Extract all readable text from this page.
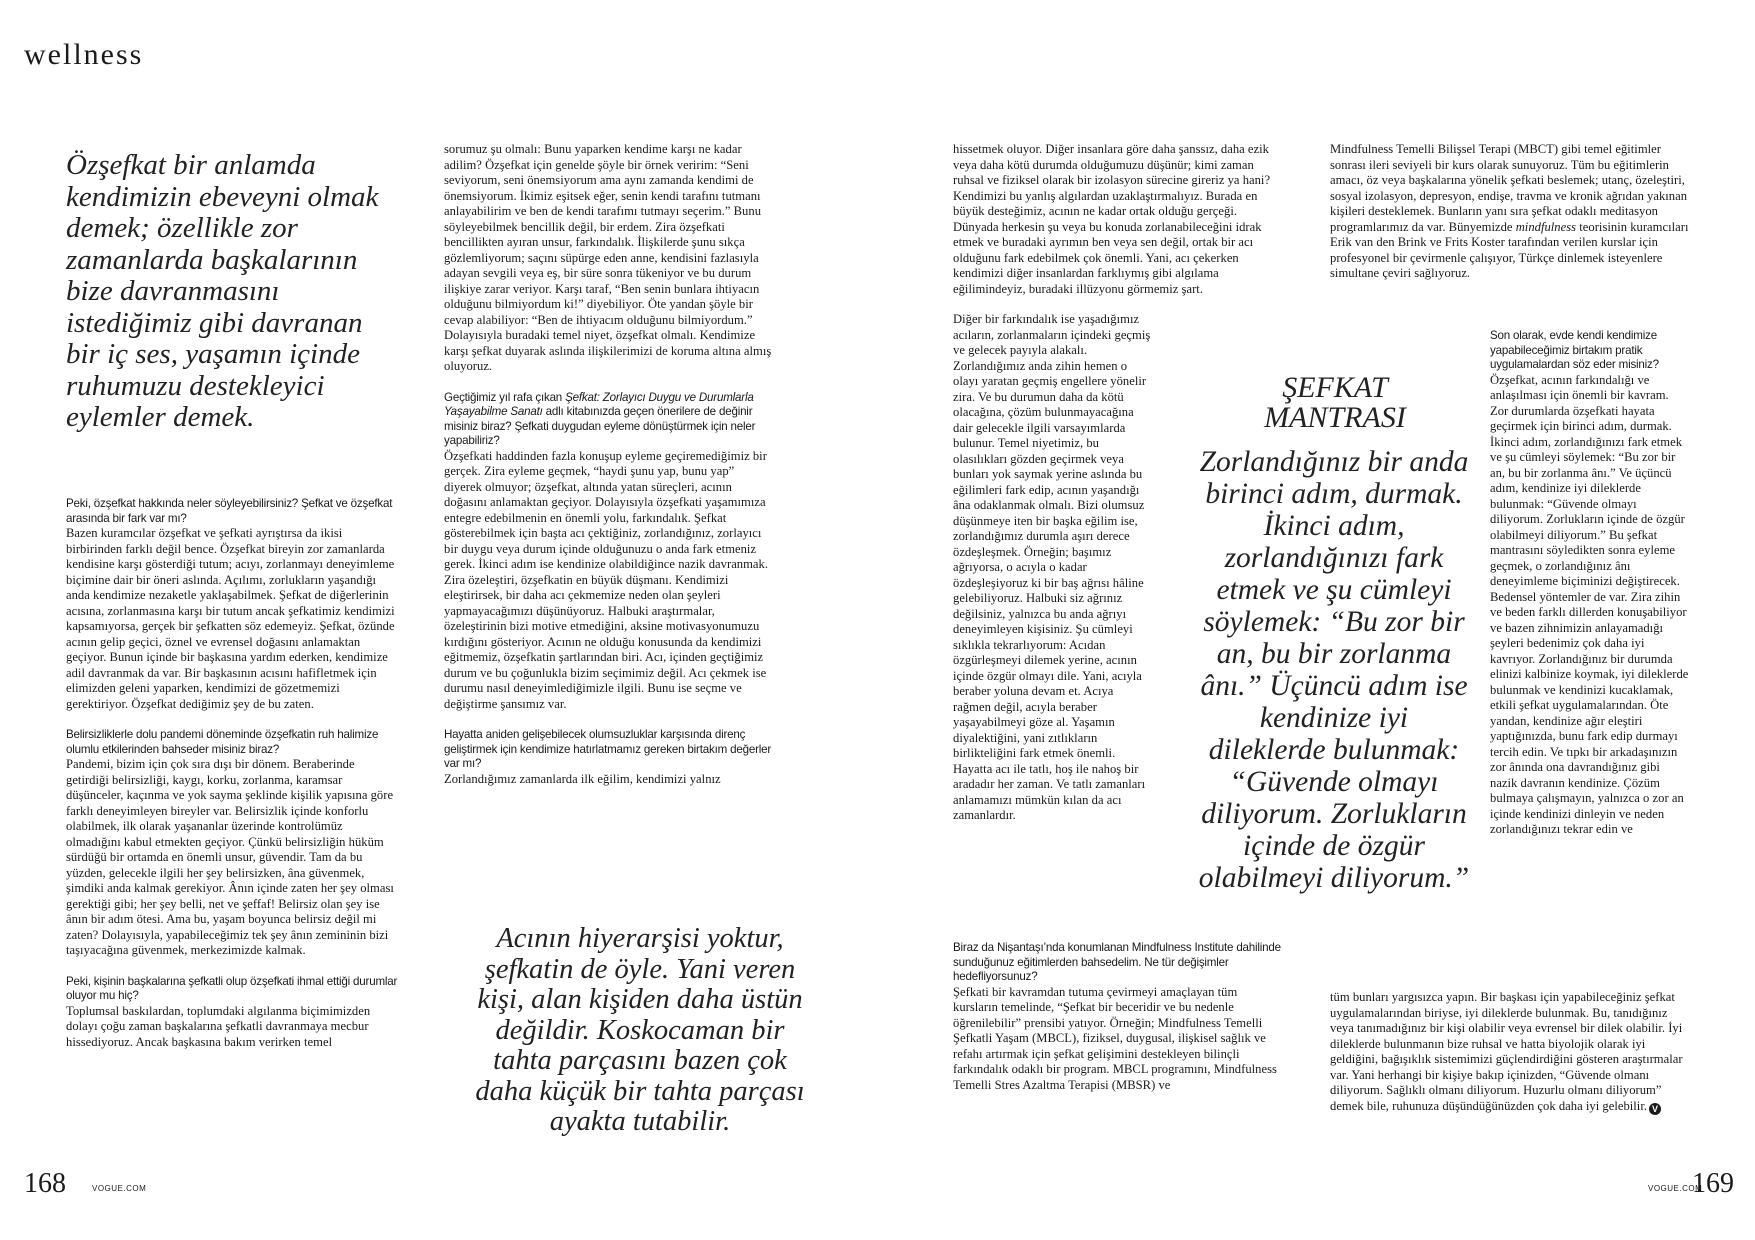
wellness
Özşefkat bir anlamda kendimizin ebeveyni olmak demek; özellikle zor zamanlarda başkalarının bize davranmasını istediğimiz gibi davranan bir iç ses, yaşamın içinde ruhumuzu destekleyici eylemler demek.
Peki, özşefkat hakkında neler söyleyebilirsiniz? Şefkat ve özşefkat arasında bir fark var mı?
Bazen kuramcılar özşefkat ve şefkati ayrıştırsa da ikisi birbirinden farklı değil bence. Özşefkat bireyin zor zamanlarda kendisine karşı gösterdiği tutum; acıyı, zorlanmayı deneyimleme biçimine dair bir öneri aslında. Açılımı, zorlukların yaşandığı anda kendimize nezaketle yaklaşabilmek. Şefkat de diğerlerinin acısına, zorlanmasına karşı bir tutum ancak şefkatimiz kendimizi kapsamıyorsa, gerçek bir şefkatten söz edemeyiz. Şefkat, özünde acının gelip geçici, öznel ve evrensel doğasını anlamaktan geçiyor. Bunun içinde bir başkasına yardım ederken, kendimize adil davranmak da var. Bir başkasının acısını hafifletmek için elimizden geleni yaparken, kendimizi de gözetmemizi gerektiriyor. Özşefkat dediğimiz şey de bu zaten.
Belirsizliklerle dolu pandemi döneminde özşefkatin ruh halimize olumlu etkilerinden bahseder misiniz biraz?
Pandemi, bizim için çok sıra dışı bir dönem. Beraberinde getirdiği belirsizliği, kaygı, korku, zorlanma, karamsar düşünceler, kaçınma ve yok sayma şeklinde kişilik yapısına göre farklı deneyimleyen bireyler var. Belirsizlik içinde konforlu olabilmek, ilk olarak yaşananlar üzerinde kontrolümüz olmadığını kabul etmekten geçiyor. Çünkü belirsizliğin hüküm sürdüğü bir ortamda en önemli unsur, güvendir. Tam da bu yüzden, gelecekle ilgili her şey belirsizken, âna güvenmek, şimdiki anda kalmak gerekiyor. Ânın içinde zaten her şey olması gerektiği gibi; her şey belli, net ve şeffaf! Belirsiz olan şey ise ânın bir adım ötesi. Ama bu, yaşam boyunca belirsiz değil mi zaten? Dolayısıyla, yapabileceğimiz tek şey ânın zemininin bizi taşıyacağına güvenmek, merkezimizde kalmak.
Peki, kişinin başkalarına şefkatli olup özşefkati ihmal ettiği durumlar oluyor mu hiç?
Toplumsal baskılardan, toplumdaki algılanma biçimimizden dolayı çoğu zaman başkalarına şefkatli davranmaya mecbur hissediyoruz. Ancak başkasına bakım verirken temel
sorumuz şu olmalı: Bunu yaparken kendime karşı ne kadar adilim? Özşefkat için genelde şöyle bir örnek veririm: “Seni seviyorum, seni önemsiyorum ama aynı zamanda kendimi de önemsiyorum. İkimiz eşitsek eğer, senin kendi tarafını tutmanı anlayabilirim ve ben de kendi tarafımı tutmayı seçerim.” Bunu söyleyebilmek bencillik değil, bir erdem. Zira özşefkati bencillikten ayıran unsur, farkındalık. İlişkilerde şunu sıkça gözlemliyorum; saçını süpürge eden anne, kendisini fazlasıyla adayan sevgili veya eş, bir süre sonra tükeniyor ve bu durum ilişkiye zarar veriyor. Karşı taraf, “Ben senin bunlara ihtiyacın olduğunu bilmiyordum ki!” diyebiliyor. Öte yandan şöyle bir cevap alabiliyor: “Ben de ihtiyacım olduğunu bilmiyordum.” Dolayısıyla buradaki temel niyet, özşefkat olmalı. Kendimize karşı şefkat duyarak aslında ilişkilerimizi de koruma altına almış oluyoruz.
Geçtiğimiz yıl rafa çıkan Şefkat: Zorlayıcı Duygu ve Durumlarla Yaşayabilme Sanatı adlı kitabınızda geçen önerilere de değinir misiniz biraz? Şefkati duygudan eyleme dönüştürmek için neler yapabiliriz?
Özşefkati haddinden fazla konuşup eyleme geçiremediğimiz bir gerçek. Zira eyleme geçmek, “haydi şunu yap, bunu yap” diyerek olmuyor; özşefkat, altında yatan süreçleri, acının doğasını anlamaktan geçiyor. Dolayısıyla özşefkati yaşamımıza entegre edebilmenin en önemli yolu, farkındalık. Şefkat gösterebilmek için başta acı çektiğiniz, zorlandığınız, zorlayıcı bir duygu veya durum içinde olduğunuzu o anda fark etmeniz gerek. İkinci adım ise kendinize olabildiğince nazik davranmak. Zira özeleştiri, özşefkatin en büyük düşmanı. Kendimizi eleştirirsek, bir daha acı çekmemize neden olan şeyleri yapmayacağımızı düşünüyoruz. Halbuki araştırmalar, özeleştirinin bizi motive etmediğini, aksine motivasyonumuzu kırdığını gösteriyor. Acının ne olduğu konusunda da kendimizi eğitmemiz, özşefkatin şartlarından biri. Acı, içinden geçtiğimiz durum ve bu çoğunlukla bizim seçimimiz değil. Acı çekmek ise durumu nasıl deneyimlediğimizle ilgili. Bunu ise seçme ve değiştirme şansımız var.
Hayatta aniden gelişebilecek olumsuzluklar karşısında direnç geliştirmek için kendimize hatırlatmamız gereken birtakım değerler var mı?
Zorlandığımız zamanlarda ilk eğilim, kendimizi yalnız
Acının hiyerarşisi yoktur, şefkatin de öyle. Yani veren kişi, alan kişiden daha üstün değildir. Koskocaman bir tahta parçasını bazen çok daha küçük bir tahta parçası ayakta tutabilir.
168	VOGUE.COM
hissetmek oluyor. Diğer insanlara göre daha şanssız, daha ezik veya daha kötü durumda olduğumuzu düşünür; kimi zaman ruhsal ve fiziksel olarak bir izolasyon sürecine gireriz ya hani? Kendimizi bu yanlış algılardan uzaklaştırmalıyız. Burada en büyük desteğimiz, acının ne kadar ortak olduğu gerçeği. Dünyada herkesin şu veya bu konuda zorlanabileceğini idrak etmek ve buradaki ayrımın ben veya sen değil, ortak bir acı olduğunu fark edebilmek çok önemli. Yani, acı çekerken kendimizi diğer insanlardan farklıymış gibi algılama eğilimindeyiz, buradaki illüzyonu görmemiz şart.
Diğer bir farkındalık ise yaşadığımız acıların, zorlanmaların içindeki geçmiş ve gelecek payıyla alakalı. Zorlandığımız anda zihin hemen o olayı yaratan geçmiş engellere yönelir zira. Ve bu durumun daha da kötü olacağına, çözüm bulunmayacağına dair gelecekle ilgili varsayımlarda bulunur. Temel niyetimiz, bu olasılıkları gözden geçirmek veya bunları yok saymak yerine aslında bu eğilimleri fark edip, acının yaşandığı âna odaklanmak olmalı. Bizi olumsuz düşünmeye iten bir başka eğilim ise, zorlandığımız durumla aşırı derece özdeşleşmek. Örneğin; başımız ağrıyorsa, o acıyla o kadar özdeşleşiyoruz ki bir baş ağrısı hâline gelebiliyoruz. Halbuki siz ağrınız değilsiniz, yalnızca bu anda ağrıyı deneyimleyen kişisiniz. Şu cümleyi sıklıkla tekrarlıyorum: Acıdan özgürleşmeyi dilemek yerine, acının içinde özgür olmayı dile. Yani, acıyla beraber yoluna devam et. Acıya rağmen değil, acıyla beraber yaşayabilmeyi göze al. Yaşamın diyalektiğini, yani zıtlıkların birlikteliğini fark etmek önemli. Hayatta acı ile tatlı, hoş ile nahoş bir aradadır her zaman. Ve tatlı zamanları anlamamızı mümkün kılan da acı zamanlardır.
Biraz da Nişantaşı’nda konumlanan Mindfulness Institute dahilinde sunduğunuz eğitimlerden bahsedelim. Ne tür değişimler hedefliyorsunuz?
Şefkati bir kavramdan tutuma çevirmeyi amaçlayan tüm kursların temelinde, “Şefkat bir beceridir ve bu nedenle öğrenilebilir” prensibi yatıyor. Örneğin; Mindfulness Temelli Şefkatli Yaşam (MBCL), fiziksel, duygusal, ilişkisel sağlık ve refahı artırmak için şefkat gelişimini destekleyen bilinçli farkındalık odaklı bir program. MBCL programını, Mindfulness Temelli Stres Azaltma Terapisi (MBSR) ve
Mindfulness Temelli Bilişsel Terapi (MBCT) gibi temel eğitimler sonrası ileri seviyeli bir kurs olarak sunuyoruz. Tüm bu eğitimlerin amacı, öz veya başkalarına yönelik şefkati beslemek; utanç, özeleştiri, sosyal izolasyon, depresyon, endişe, travma ve kronik ağrıdan yakınan kişileri desteklemek. Bunların yanı sıra şefkat odaklı meditasyon programlarımız da var. Bünyemizde mindfulness teorisinin kuramcıları Erik van den Brink ve Frits Koster tarafından verilen kurslar için profesyonel bir çevirmenle çalışıyor, Türkçe dinlemek isteyenlere simultane çeviri sağlıyoruz.
Son olarak, evde kendi kendimize yapabileceğimiz birtakım pratik uygulamalardan söz eder misiniz?
Özşefkat, acının farkındalığı ve anlaşılması için önemli bir kavram. Zor durumlarda özşefkati hayata geçirmek için birinci adım, durmak. İkinci adım, zorlandığınızı fark etmek ve şu cümleyi söylemek: “Bu zor bir an, bu bir zorlanma ânı.” Ve üçüncü adım, kendinize iyi dileklerde bulunmak: “Güvende olmayı diliyorum. Zorlukların içinde de özgür olabilmeyi diliyorum.” Bu şefkat mantrasını söyledikten sonra eyleme geçmek, o zorlandığınız ânı deneyimleme biçiminizi değiştirecek. Bedensel yöntemler de var. Zira zihin ve beden farklı dillerden konuşabiliyor ve bazen zihnimizin anlayamadığı şeyleri bedenimiz çok daha iyi kavrıyor. Zorlandığınız bir durumda elinizi kalbinize koymak, iyi dileklerde bulunmak ve kendinizi kucaklamak, etkili şefkat uygulamalarından. Öte yandan, kendinize ağır eleştiri yaptığınızda, bunu fark edip durmayı tercih edin. Ve tıpkı bir arkadaşınızın zor ânında ona davrandığınız gibi nazik davranın kendinize. Çözüm bulmaya çalışmayın, yalnızca o zor an içinde kendinizi dinleyin ve neden zorlandığınızı tekrar edin ve
tüm bunları yargısızca yapın. Bir başkası için yapabileceğiniz şefkat uygulamalarından biriyse, iyi dileklerde bulunmak. Bu, tanıdığınız veya tanımadığınız bir kişi olabilir veya evrensel bir dilek olabilir. İyi dileklerde bulunmanın bize ruhsal ve hatta biyolojik olarak iyi geldiğini, bağışıklık sistemimizi güçlendirdiğini gösteren araştırmalar var. Yani herhangi bir kişiye bakıp içinizden, “Güvende olmanı diliyorum. Sağlıklı olmanı diliyorum. Huzurlu olmanı diliyorum” demek bile, ruhunuza düşündüğünüzden çok daha iyi gelebilir. V
ŞEFKAT MANTRASI
Zorlandığınız bir anda birinci adım, durmak. İkinci adım, zorlandığınızı fark etmek ve şu cümleyi söylemek: “Bu zor bir an, bu bir zorlanma ânı.” Üçüncü adım ise kendinize iyi dileklerde bulunmak: “Güvende olmayı diliyorum. Zorlukların içinde de özgür olabilmeyi diliyorum.”
VOGUE.COM
169
